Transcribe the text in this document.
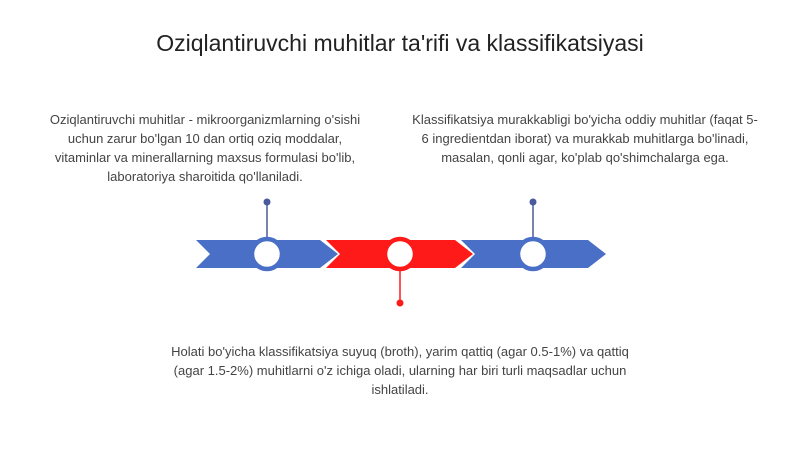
Oziqlantiruvchi muhitlar ta'rifi va klassifikatsiyasi
Oziqlantiruvchi muhitlar - mikroorganizmlarning o'sishi uchun zarur bo'lgan 10 dan ortiq oziq moddalar, vitaminlar va minerallarning maxsus formulasi bo'lib, laboratoriya sharoitida qo'llaniladi.
Klassifikatsiya murakkabligi bo'yicha oddiy muhitlar (faqat 5-6 ingredientdan iborat) va murakkab muhitlarga bo'linadi, masalan, qonli agar, ko'plab qo'shimchalarga ega.
Holati bo'yicha klassifikatsiya suyuq (broth), yarim qattiq (agar 0.5-1%) va qattiq (agar 1.5-2%) muhitlarni o'z ichiga oladi, ularning har biri turli maqsadlar uchun ishlatiladi.
